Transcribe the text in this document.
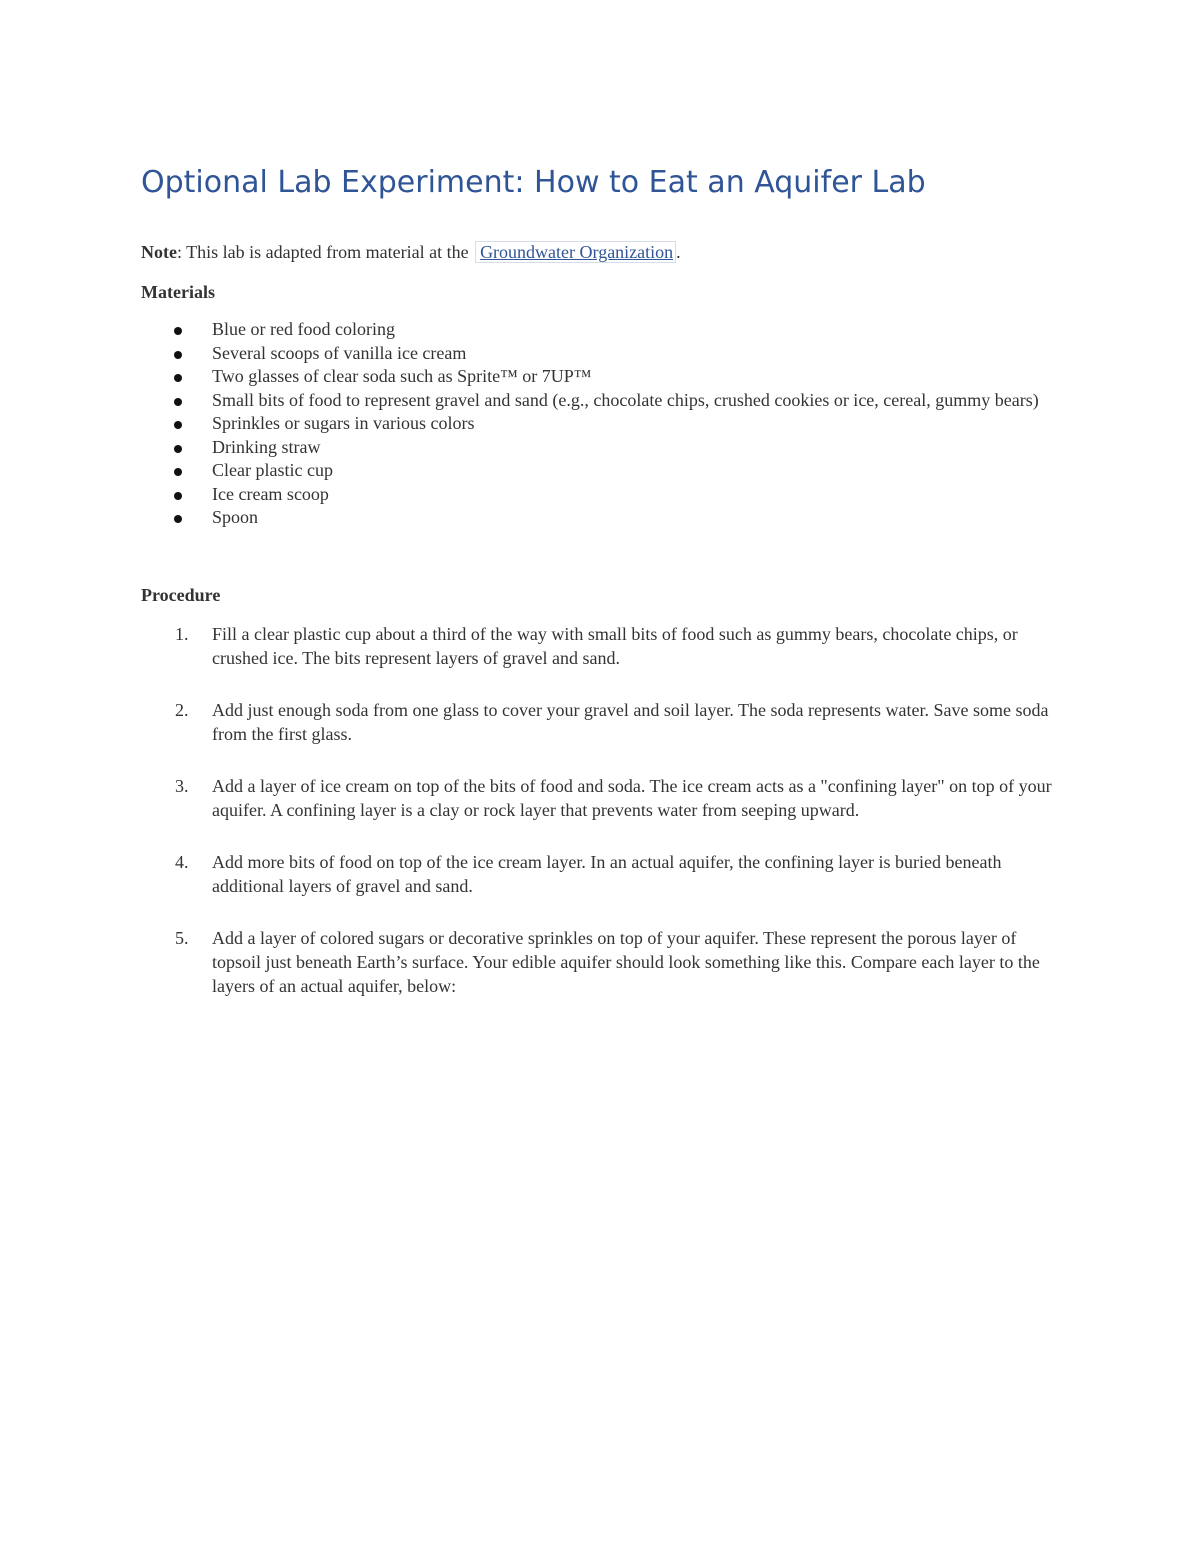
Optional Lab Experiment: How to Eat an Aquifer Lab

Note: This lab is adapted from material at the Groundwater Organization .

Materials
Blue or red food coloring
Several scoops of vanilla ice cream
Two glasses of clear soda such as Sprite™ or 7UP™
Small bits of food to represent gravel and sand (e.g., chocolate chips, crushed cookies or ice, cereal, gummy bears)
Sprinkles or sugars in various colors
Drinking straw
Clear plastic cup
Ice cream scoop
Spoon
Procedure
1. Fill a clear plastic cup about a third of the way with small bits of food such as gummy bears, chocolate chips, or crushed ice. The bits represent layers of gravel and sand.
2. Add just enough soda from one glass to cover your gravel and soil layer. The soda represents water. Save some soda from the first glass.
3. Add a layer of ice cream on top of the bits of food and soda. The ice cream acts as a "confining layer" on top of your aquifer. A confining layer is a clay or rock layer that prevents water from seeping upward.
4. Add more bits of food on top of the ice cream layer. In an actual aquifer, the confining layer is buried beneath additional layers of gravel and sand.
5. Add a layer of colored sugars or decorative sprinkles on top of your aquifer. These represent the porous layer of topsoil just beneath Earth’s surface. Your edible aquifer should look something like this. Compare each layer to the layers of an actual aquifer, below:
